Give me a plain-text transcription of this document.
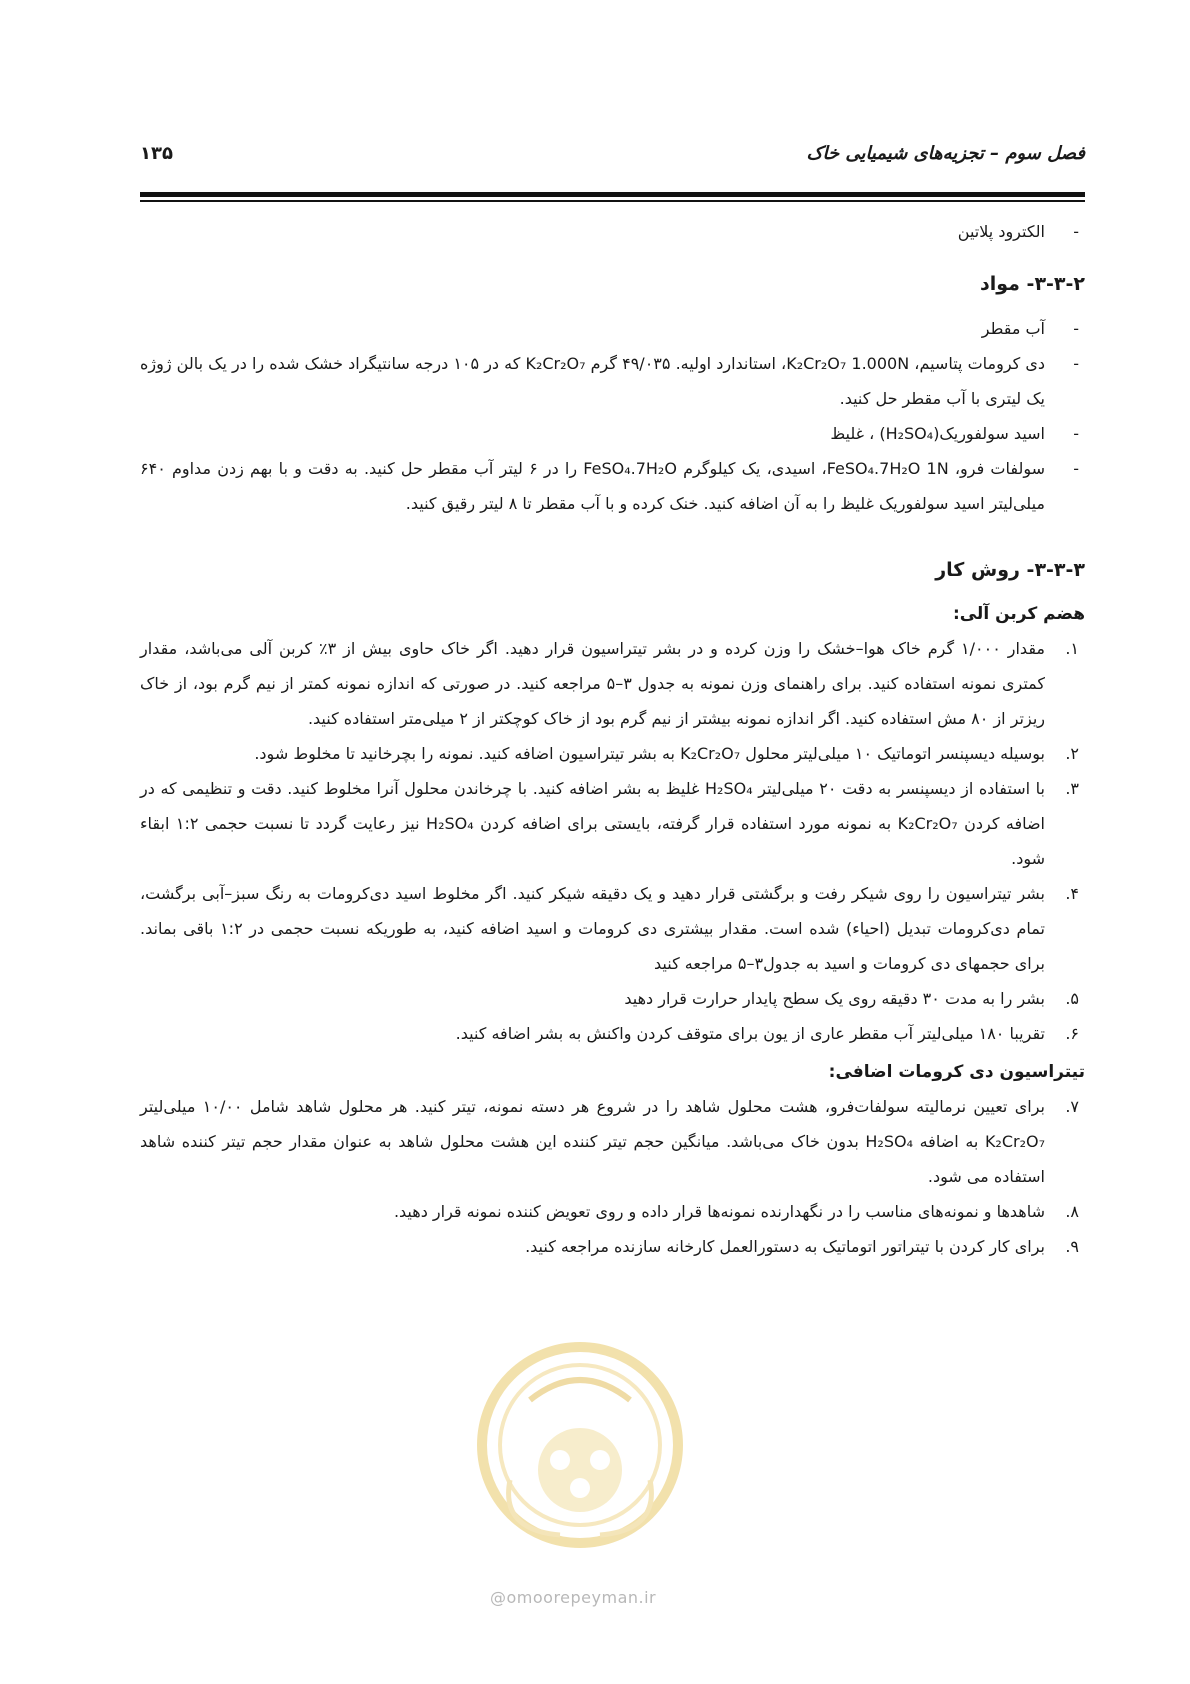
فصل سوم – تجزیه‌های شیمیایی خاک
۱۳۵
-
الکترود پلاتین
۳-۳-۲- مواد
-
آب مقطر
-
دی کرومات پتاسیم، K₂Cr₂O₇ 1.000N، استاندارد اولیه. ۴۹/۰۳۵ گرم K₂Cr₂O₇ که در ۱۰۵ درجه سانتیگراد خشک شده را در یک بالن ژوژه یک لیتری با آب مقطر حل کنید.
-
اسید سولفوریک(H₂SO₄) ، غلیظ
-
سولفات فرو، FeSO₄.7H₂O 1N، اسیدی، یک کیلوگرم FeSO₄.7H₂O را در ۶ لیتر آب مقطر حل کنید. به دقت و با بهم زدن مداوم ۶۴۰ میلی‌لیتر اسید سولفوریک غلیظ را به آن اضافه کنید. خنک کرده و با آب مقطر تا ۸ لیتر رقیق کنید.
۳-۳-۳- روش کار
هضم کربن آلی:
۱.
مقدار ۱/۰۰۰ گرم خاک هوا–خشک را وزن کرده و در بشر تیتراسیون قرار دهید. اگر خاک حاوی بیش از ۳٪ کربن آلی می‌باشد، مقدار کمتری نمونه استفاده کنید. برای راهنمای وزن نمونه به جدول ۳–۵ مراجعه کنید. در صورتی که اندازه نمونه کمتر از نیم گرم بود، از خاک ریزتر از ۸۰ مش استفاده کنید. اگر اندازه نمونه بیشتر از نیم گرم بود از خاک کوچکتر از ۲ میلی‌متر استفاده کنید.
۲.
بوسیله دیسپنسر اتوماتیک ۱۰ میلی‌لیتر محلول K₂Cr₂O₇ به بشر تیتراسیون اضافه کنید. نمونه را بچرخانید تا مخلوط شود.
۳.
با استفاده از دیسپنسر به دقت ۲۰ میلی‌لیتر H₂SO₄ غلیظ به بشر اضافه کنید. با چرخاندن محلول آنرا مخلوط کنید. دقت و تنظیمی که در اضافه کردن K₂Cr₂O₇ به نمونه مورد استفاده قرار گرفته، بایستی برای اضافه کردن H₂SO₄ نیز رعایت گردد تا نسبت حجمی ۱:۲ ابقاء شود.
۴.
بشر تیتراسیون را روی شیکر رفت و برگشتی قرار دهید و یک دقیقه شیکر کنید. اگر مخلوط اسید دی‌کرومات به رنگ سبز–آبی برگشت، تمام دی‌کرومات تبدیل (احیاء) شده است. مقدار بیشتری دی کرومات و اسید اضافه کنید، به طوریکه نسبت حجمی در ۱:۲ باقی بماند. برای حجمهای دی کرومات و اسید به جدول۳–۵ مراجعه کنید
۵.
بشر را به مدت ۳۰ دقیقه روی یک سطح پایدار حرارت قرار دهید
۶.
تقریبا ۱۸۰ میلی‌لیتر آب مقطر عاری از یون برای متوقف کردن واکنش به بشر اضافه کنید.
تیتراسیون دی کرومات اضافی:
۷.
برای تعیین نرمالیته سولفات‌فرو، هشت محلول شاهد را در شروع هر دسته نمونه، تیتر کنید. هر محلول شاهد شامل ۱۰/۰۰ میلی‌لیتر K₂Cr₂O₇ به اضافه H₂SO₄ بدون خاک می‌باشد. میانگین حجم تیتر کننده این هشت محلول شاهد به عنوان مقدار حجم تیتر کننده شاهد استفاده می شود.
۸.
شاهدها و نمونه‌های مناسب را در نگهدارنده نمونه‌ها قرار داده و روی تعویض کننده نمونه قرار دهید.
۹.
برای کار کردن با تیتراتور اتوماتیک به دستورالعمل کارخانه سازنده مراجعه کنید.
@omoorepeyman.ir
